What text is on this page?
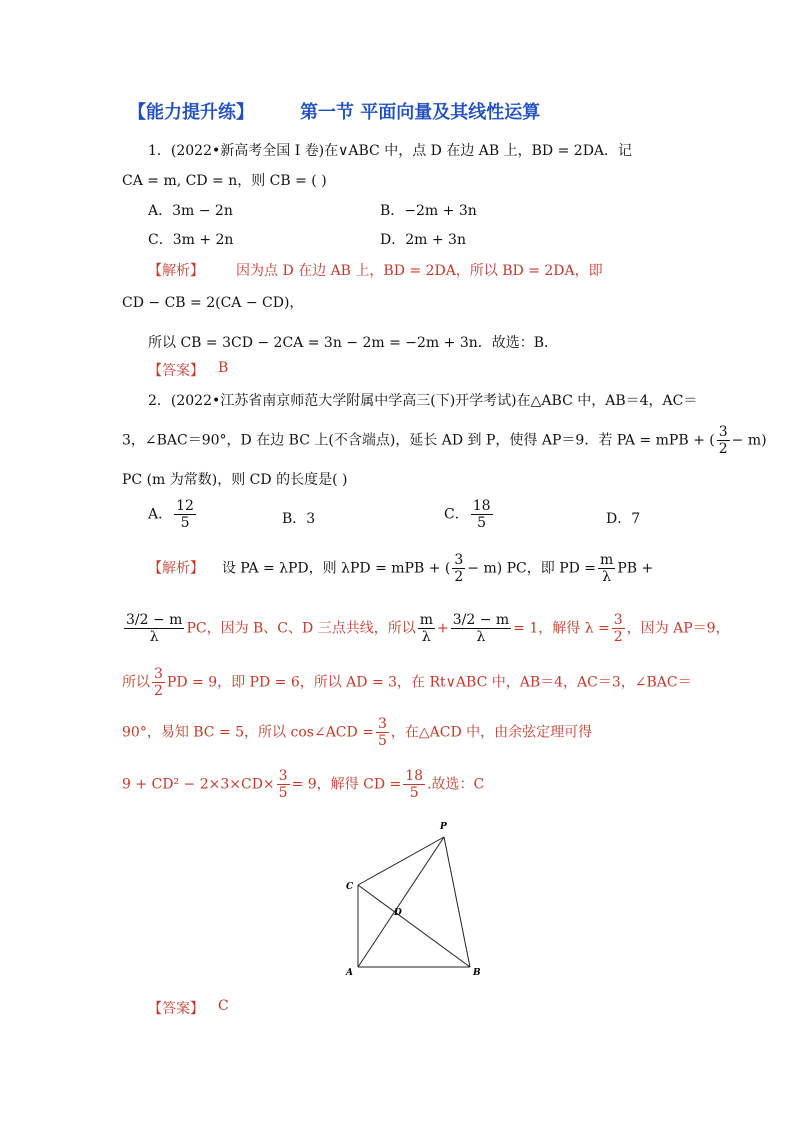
【能力提升练】	第一节 平面向量及其线性运算
1．(2022•新高考全国 I 卷)在∨ABC 中，点 D 在边 AB 上，BD = 2DA．记
CA = m, CD = n，则 CB = ( )
A．3m − 2n	B．−2m + 3n
C．3m + 2n	D．2m + 3n
【解析】 因为点 D 在边 AB 上，BD = 2DA，所以 BD = 2DA，即
CD − CB = 2(CA − CD)，
所以 CB = 3CD − 2CA = 3n − 2m = −2m + 3n．故选：B．
【答案】 B
2．(2022•江苏省南京师范大学附属中学高三(下)开学考试)在△ABC 中，AB＝4，AC＝
3，∠BAC＝90°，D 在边 BC 上(不含端点)，延长 AD 到 P，使得 AP＝9．若 PA = mPB + ( $\frac{3}{2} - m$)
PC (m 为常数)，则 CD 的长度是( )
A． $\frac{12}{5}$	B．3	C． $\frac{18}{5}$	D．7
【解析】 设 PA = λPD，则 λPD = mPB + ( $\frac{3}{2} - m$) PC，即 PD = $\frac{m}{\lambda}$ PB +
$\frac{3/2 - m}{\lambda}$ PC，因为 B、C、D 三点共线，所以 $\frac{m}{\lambda} + \frac{3/2 - m}{\lambda} = 1$，解得 $\lambda = \frac{3}{2}$ ，因为 AP＝9，
所以 $\frac{3}{2}$ PD = 9，即 PD = 6，所以 AD = 3，在 Rt∨ABC 中，AB＝4，AC＝3，∠BAC＝
90°，易知 BC = 5，所以 cos∠ACD = $\frac{3}{5}$ ，在△ACD 中，由余弦定理可得
$9 + CD^2 - 2\times 3\times CD\times \frac{3}{5} = 9$，解得 CD = $\frac{18}{5}$ .故选：C
P
C
D
A	B
【答案】 C
